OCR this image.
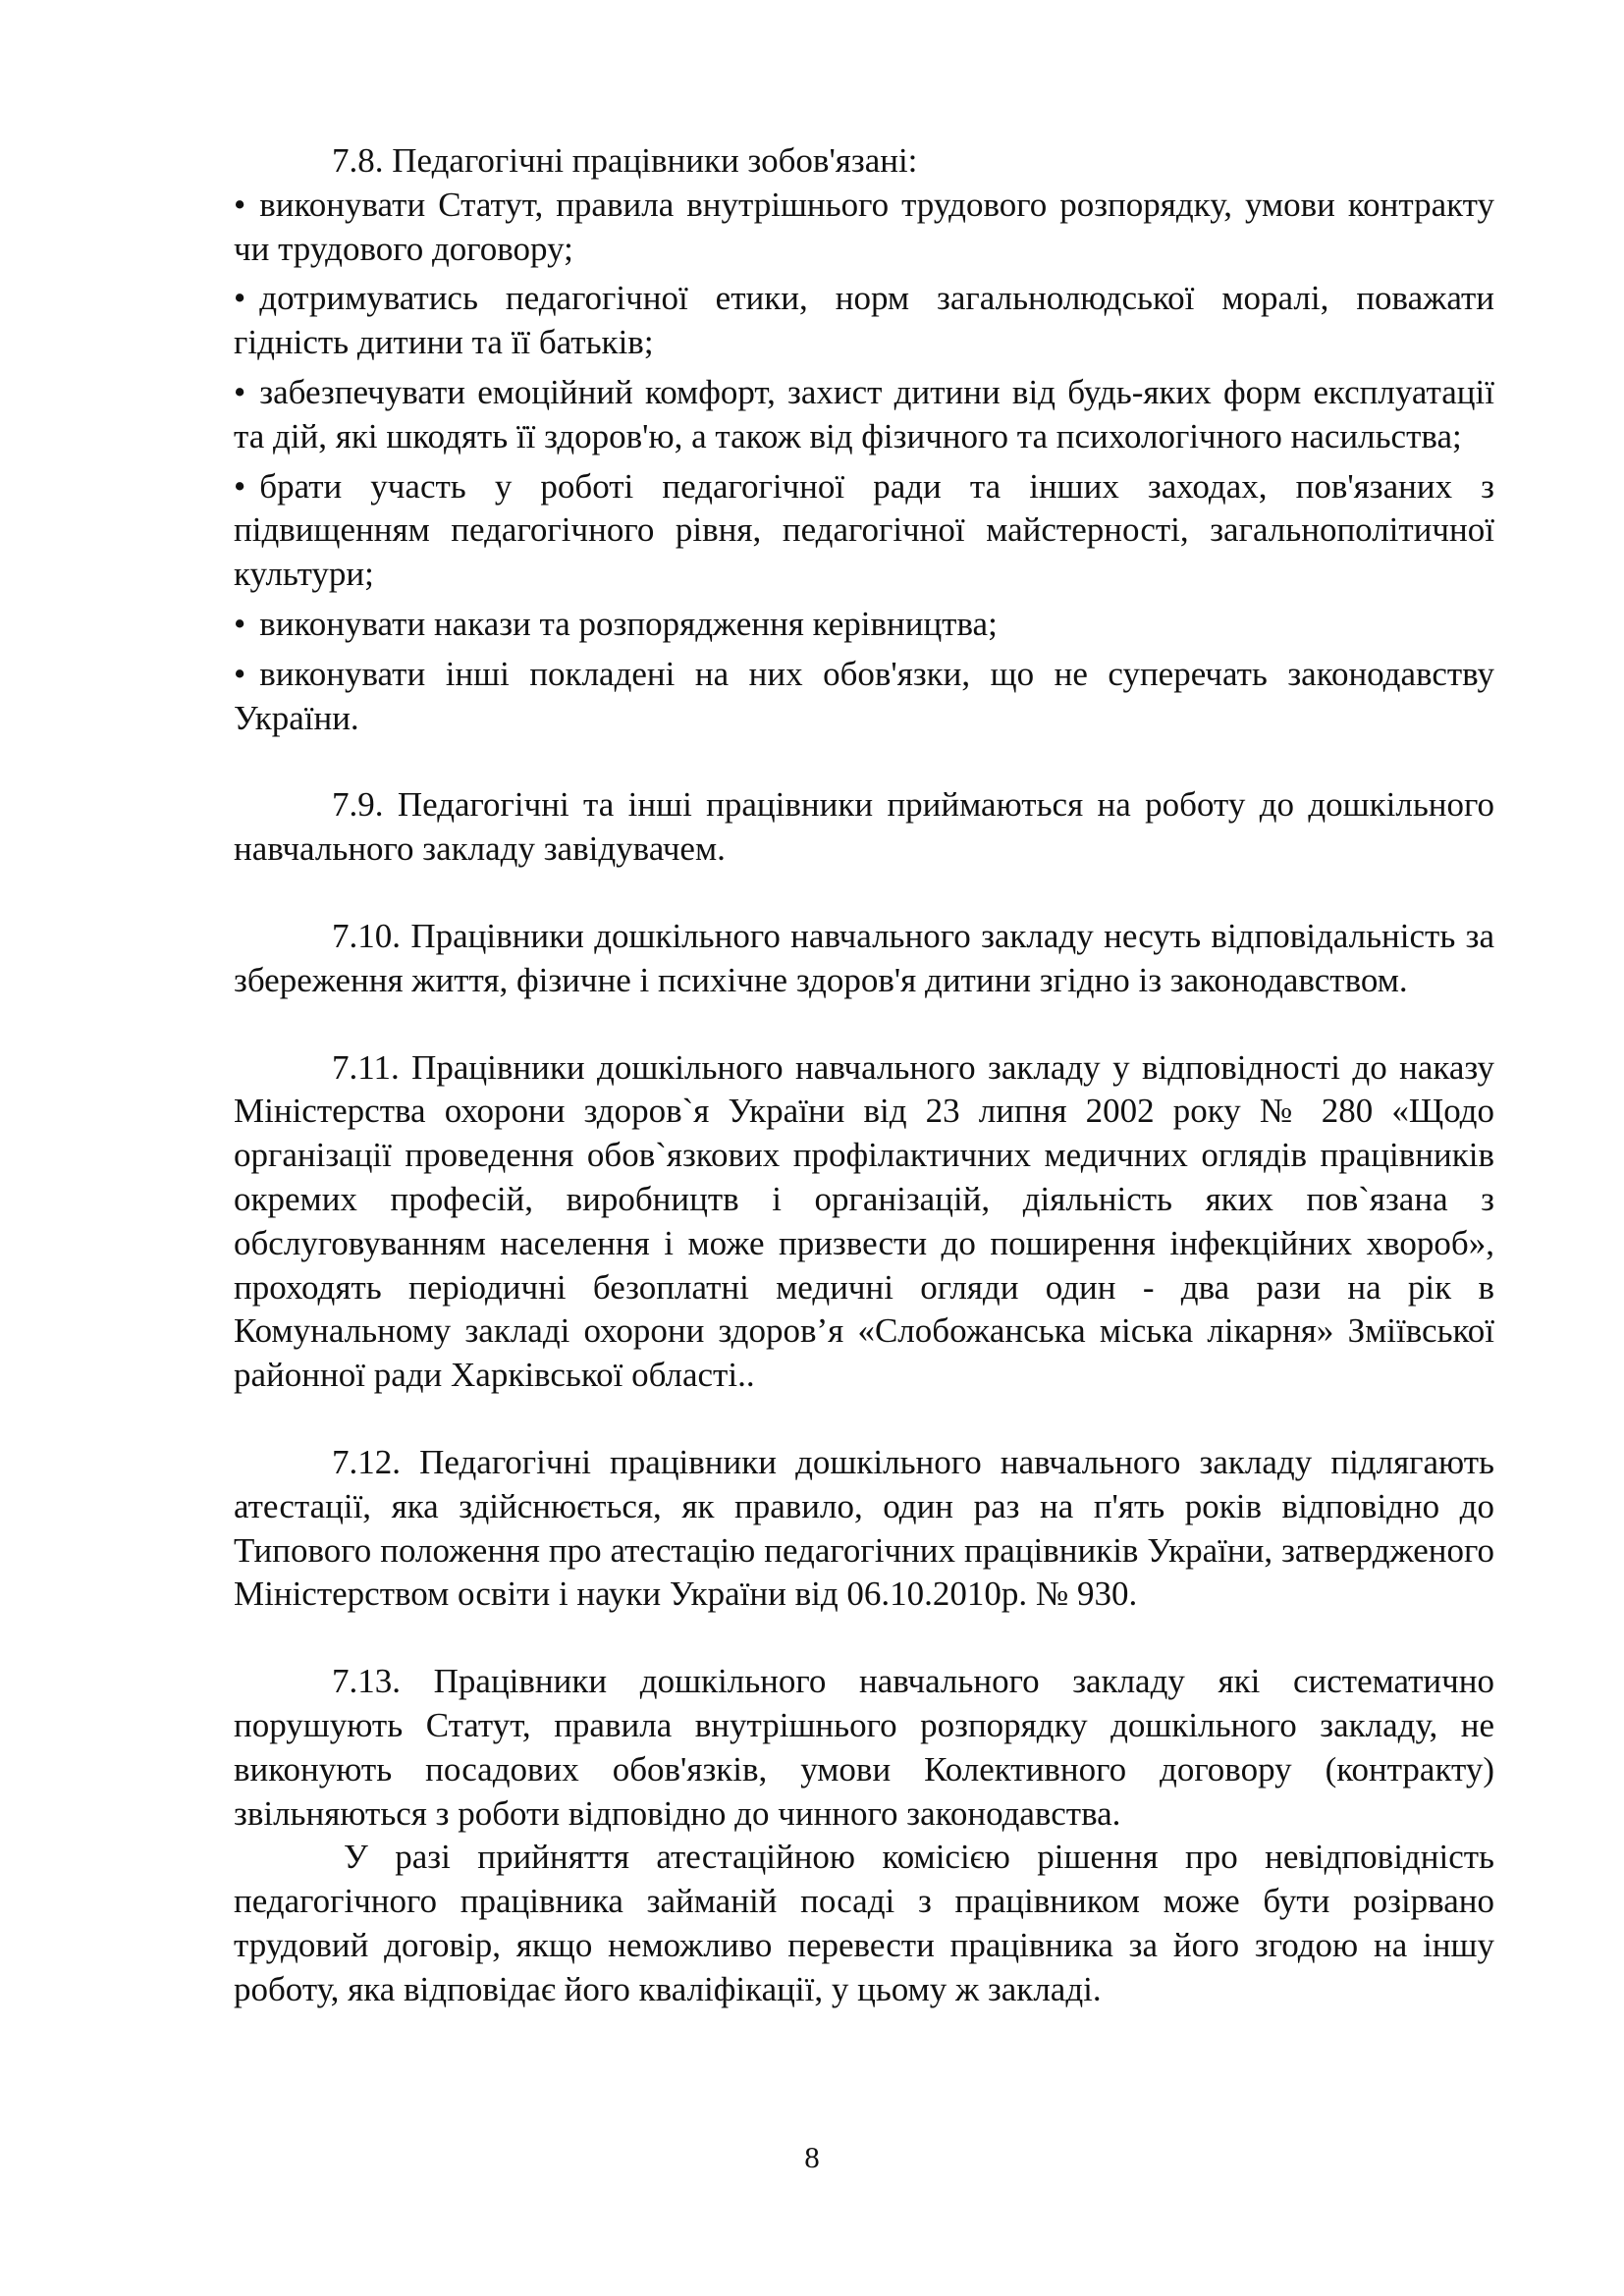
7.8. Педагогічні працівники зобов'язані:

• виконувати Статут, правила внутрішнього трудового розпорядку, умови контракту чи трудового договору;

• дотримуватись педагогічної етики, норм загальнолюдської моралі, поважати гідність дитини та її батьків;

• забезпечувати емоційний комфорт, захист дитини від будь-яких форм експлуатації та дій, які шкодять її здоров'ю, а також від фізичного та психологічного насильства;

• брати участь у роботі педагогічної ради та інших заходах, пов'язаних з підвищенням педагогічного рівня, педагогічної майстерності, загальнополітичної культури;

• виконувати накази та розпорядження керівництва;

• виконувати інші покладені на них обов'язки, що не суперечать законодавству України.

7.9. Педагогічні та інші працівники приймаються на роботу до дошкільного навчального закладу завідувачем.

7.10. Працівники дошкільного навчального закладу несуть відповідальність за збереження життя, фізичне і психічне здоров'я дитини згідно із законодавством.

7.11. Працівники дошкільного навчального закладу у відповідності до наказу Міністерства охорони здоров`я України від 23 липня 2002 року № 280 «Щодо організації проведення обов`язкових профілактичних медичних оглядів працівників окремих професій, виробництв і організацій, діяльність яких пов`язана з обслуговуванням населення і може призвести до поширення інфекційних хвороб», проходять періодичні безоплатні медичні огляди один - два рази на рік в Комунальному закладі охорони здоров’я «Слобожанська міська лікарня» Зміївської районної ради Харківської області..

7.12. Педагогічні працівники дошкільного навчального закладу підлягають атестації, яка здійснюється, як правило, один раз на п'ять років відповідно до Типового положення про атестацію педагогічних працівників України, затвердженого Міністерством освіти і науки України від 06.10.2010р. № 930.

7.13. Працівники дошкільного навчального закладу які систематично порушують Статут, правила внутрішнього розпорядку дошкільного закладу, не виконують посадових обов'язків, умови Колективного договору (контракту) звільняються з роботи відповідно до чинного законодавства.

У разі прийняття атестаційною комісією рішення про невідповідність педагогічного працівника займаній посаді з працівником може бути розірвано трудовий договір, якщо неможливо перевести працівника за його згодою на іншу роботу, яка відповідає його кваліфікації, у цьому ж закладі.

8
